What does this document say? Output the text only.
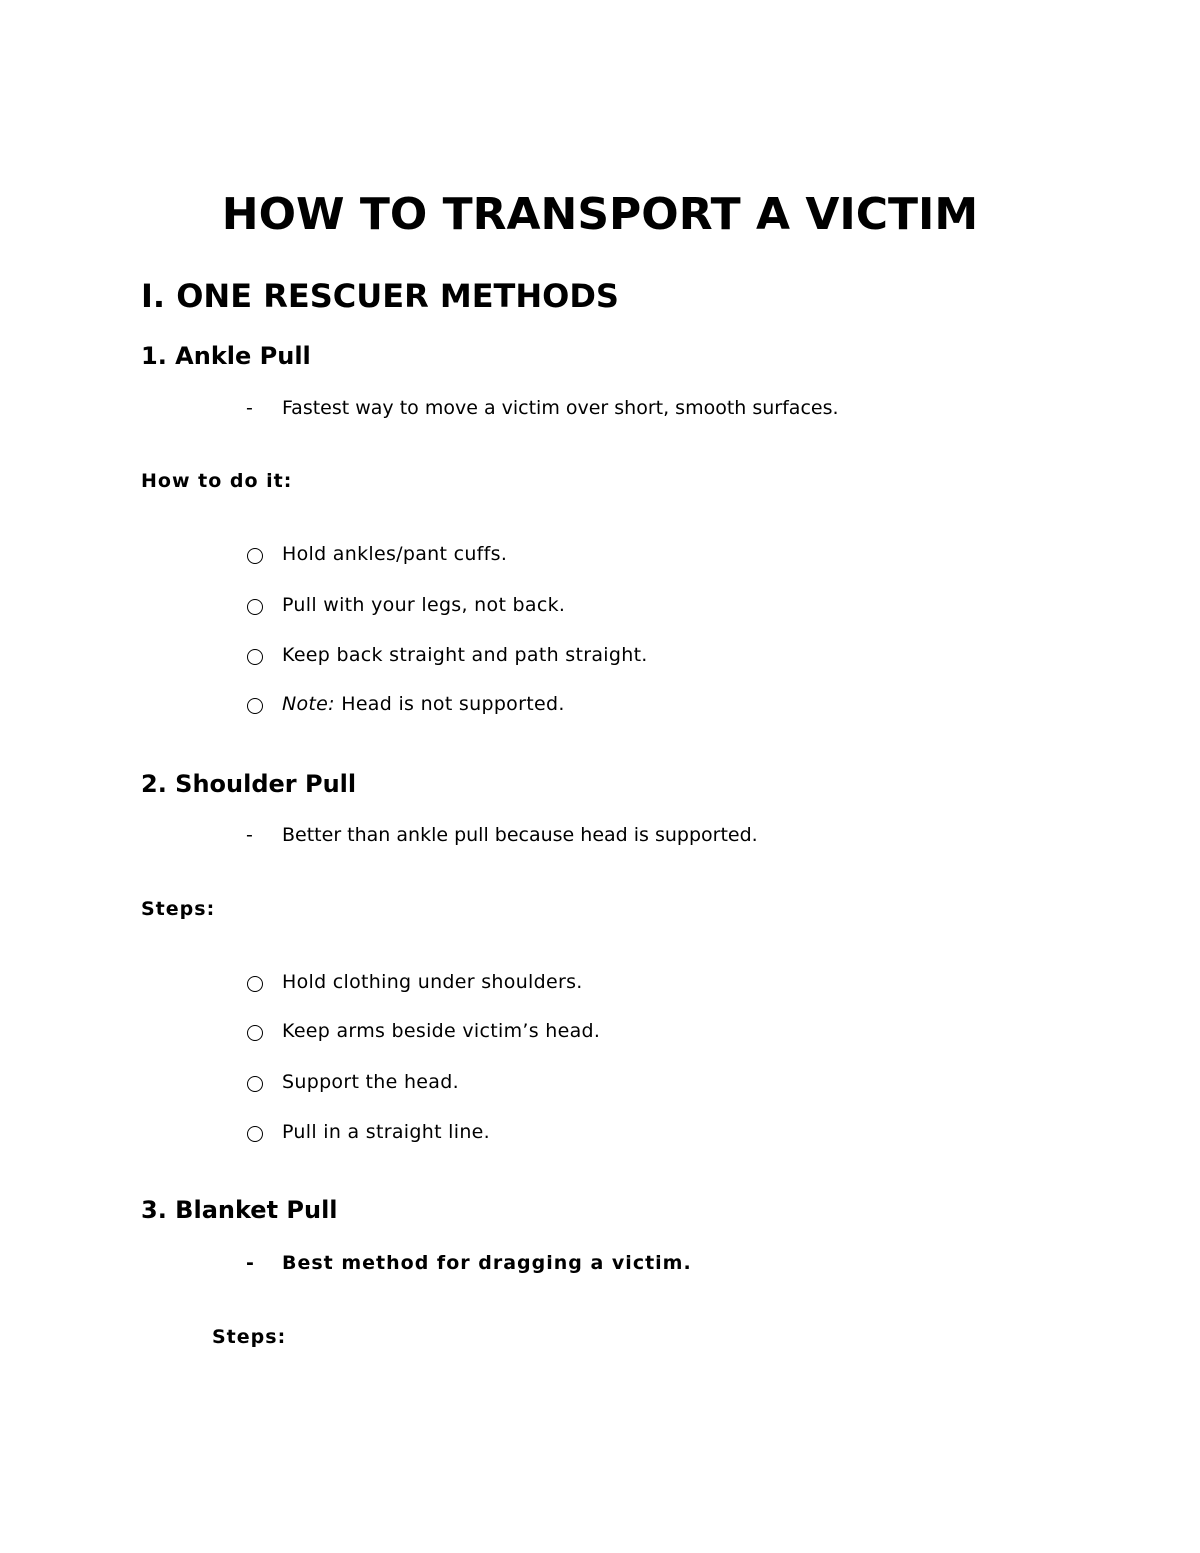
HOW TO TRANSPORT A VICTIM
I. ONE RESCUER METHODS
1. Ankle Pull
- Fastest way to move a victim over short, smooth surfaces.
How to do it:
Hold ankles/pant cuffs.
Pull with your legs, not back.
Keep back straight and path straight.
Note: Head is not supported.
2. Shoulder Pull
- Better than ankle pull because head is supported.
Steps:
Hold clothing under shoulders.
Keep arms beside victim’s head.
Support the head.
Pull in a straight line.
3. Blanket Pull
- Best method for dragging a victim.
Steps:
